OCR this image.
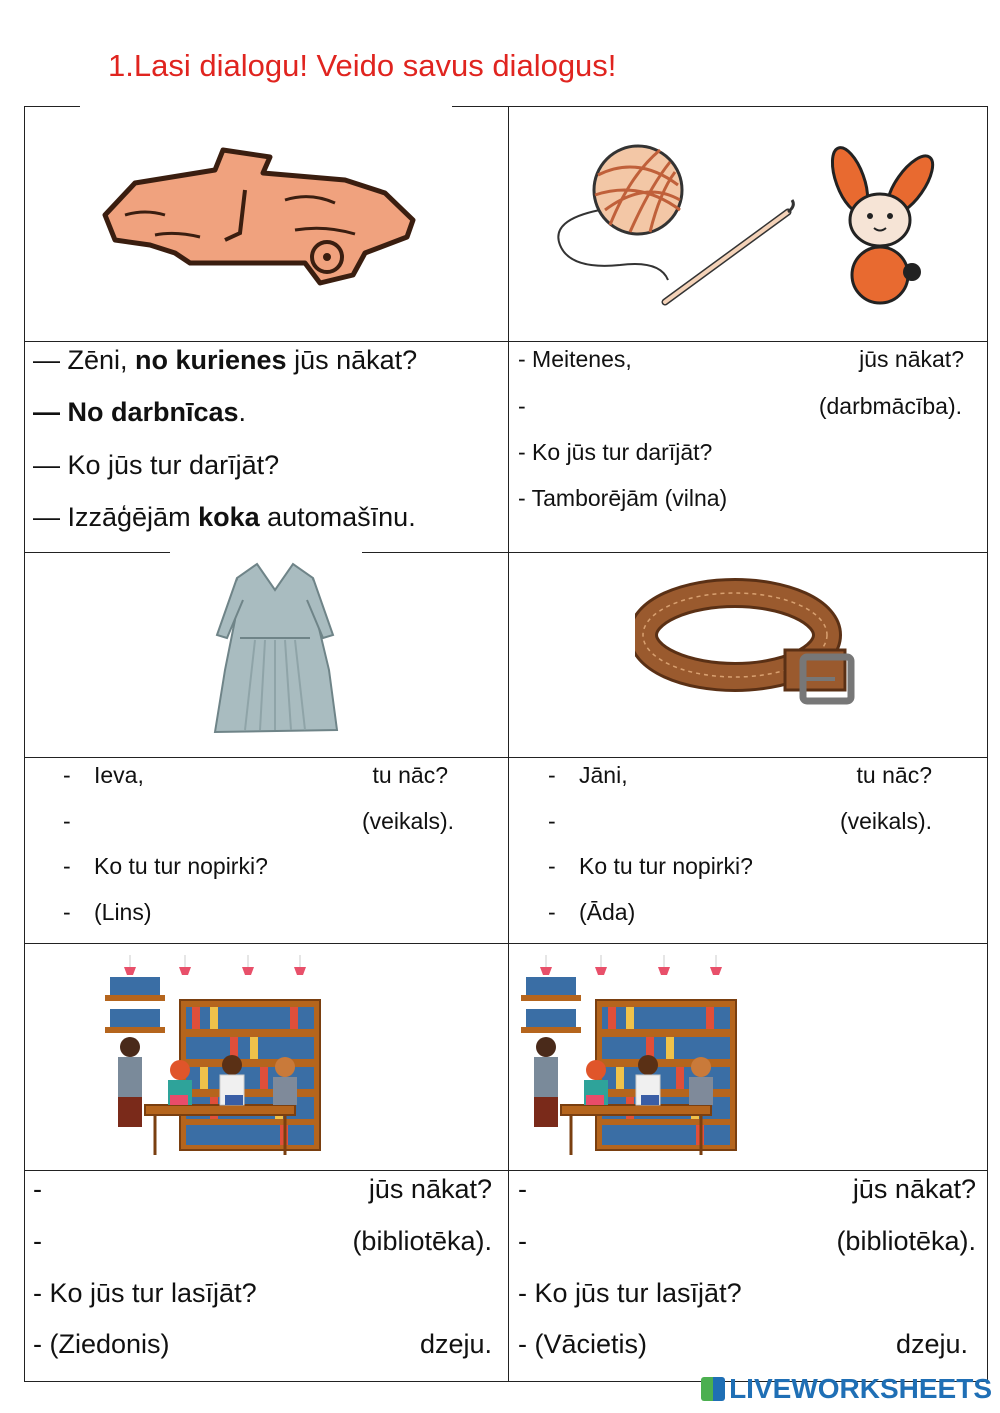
1.Lasi dialogu! Veido savus dialogus!
— Zēni, no kurienes jūs nākat?
— No darbnīcas.
— Ko jūs tur darījāt?
— Izzāģējām koka automašīnu.
- Meitenes,	jūs nākat?
-	(darbmācība).
- Ko jūs tur darījāt?
- Tamborējām (vilna)
- Ieva,	tu nāc?
-	(veikals).
- Ko tu tur nopirki?
- (Lins)
- Jāni,	tu nāc?
-	(veikals).
- Ko tu tur nopirki?
- (Āda)
-	jūs nākat?
-	(bibliotēka).
- Ko jūs tur lasījāt?
- (Ziedonis)	dzeju.
-	jūs nākat?
-	(bibliotēka).
- Ko jūs tur lasījāt?
- (Vācietis)	dzeju.
LIVEWORKSHEETS
